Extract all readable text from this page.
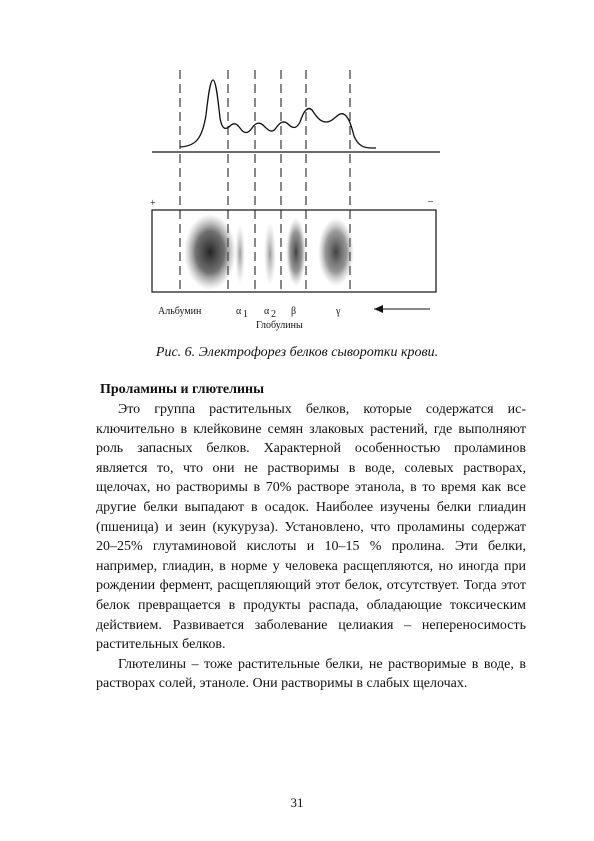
+	–
Альбумин	α 1 α 2 β	γ
Глобулины
Рис. 6. Электрофорез белков сыворотки крови.

Проламины и глютелины

Это группа растительных белков, которые содержатся исключительно в клейковине семян злаковых растений, где выполняют роль запасных белков. Характерной особенностью проламинов является то, что они не растворимы в воде, солевых растворах, щелочах, но растворимы в 70% растворе этанола, в то время как все другие белки выпадают в осадок. Наиболее изучены белки глиадин (пшеница) и зеин (кукуруза). Установлено, что проламины содержат 20–25% глутаминовой кислоты и 10–15 % пролина. Эти белки, например, глиадин, в норме у человека расщепляются, но иногда при рождении фермент, расщепляющий этот белок, отсутствует. Тогда этот белок превращается в продукты распада, обладающие токсическим действием. Развивается заболевание целиакия – непереносимость растительных белков.

Глютелины – тоже растительные белки, не растворимые в воде, в растворах солей, этаноле. Они растворимы в слабых щелочах.

31
